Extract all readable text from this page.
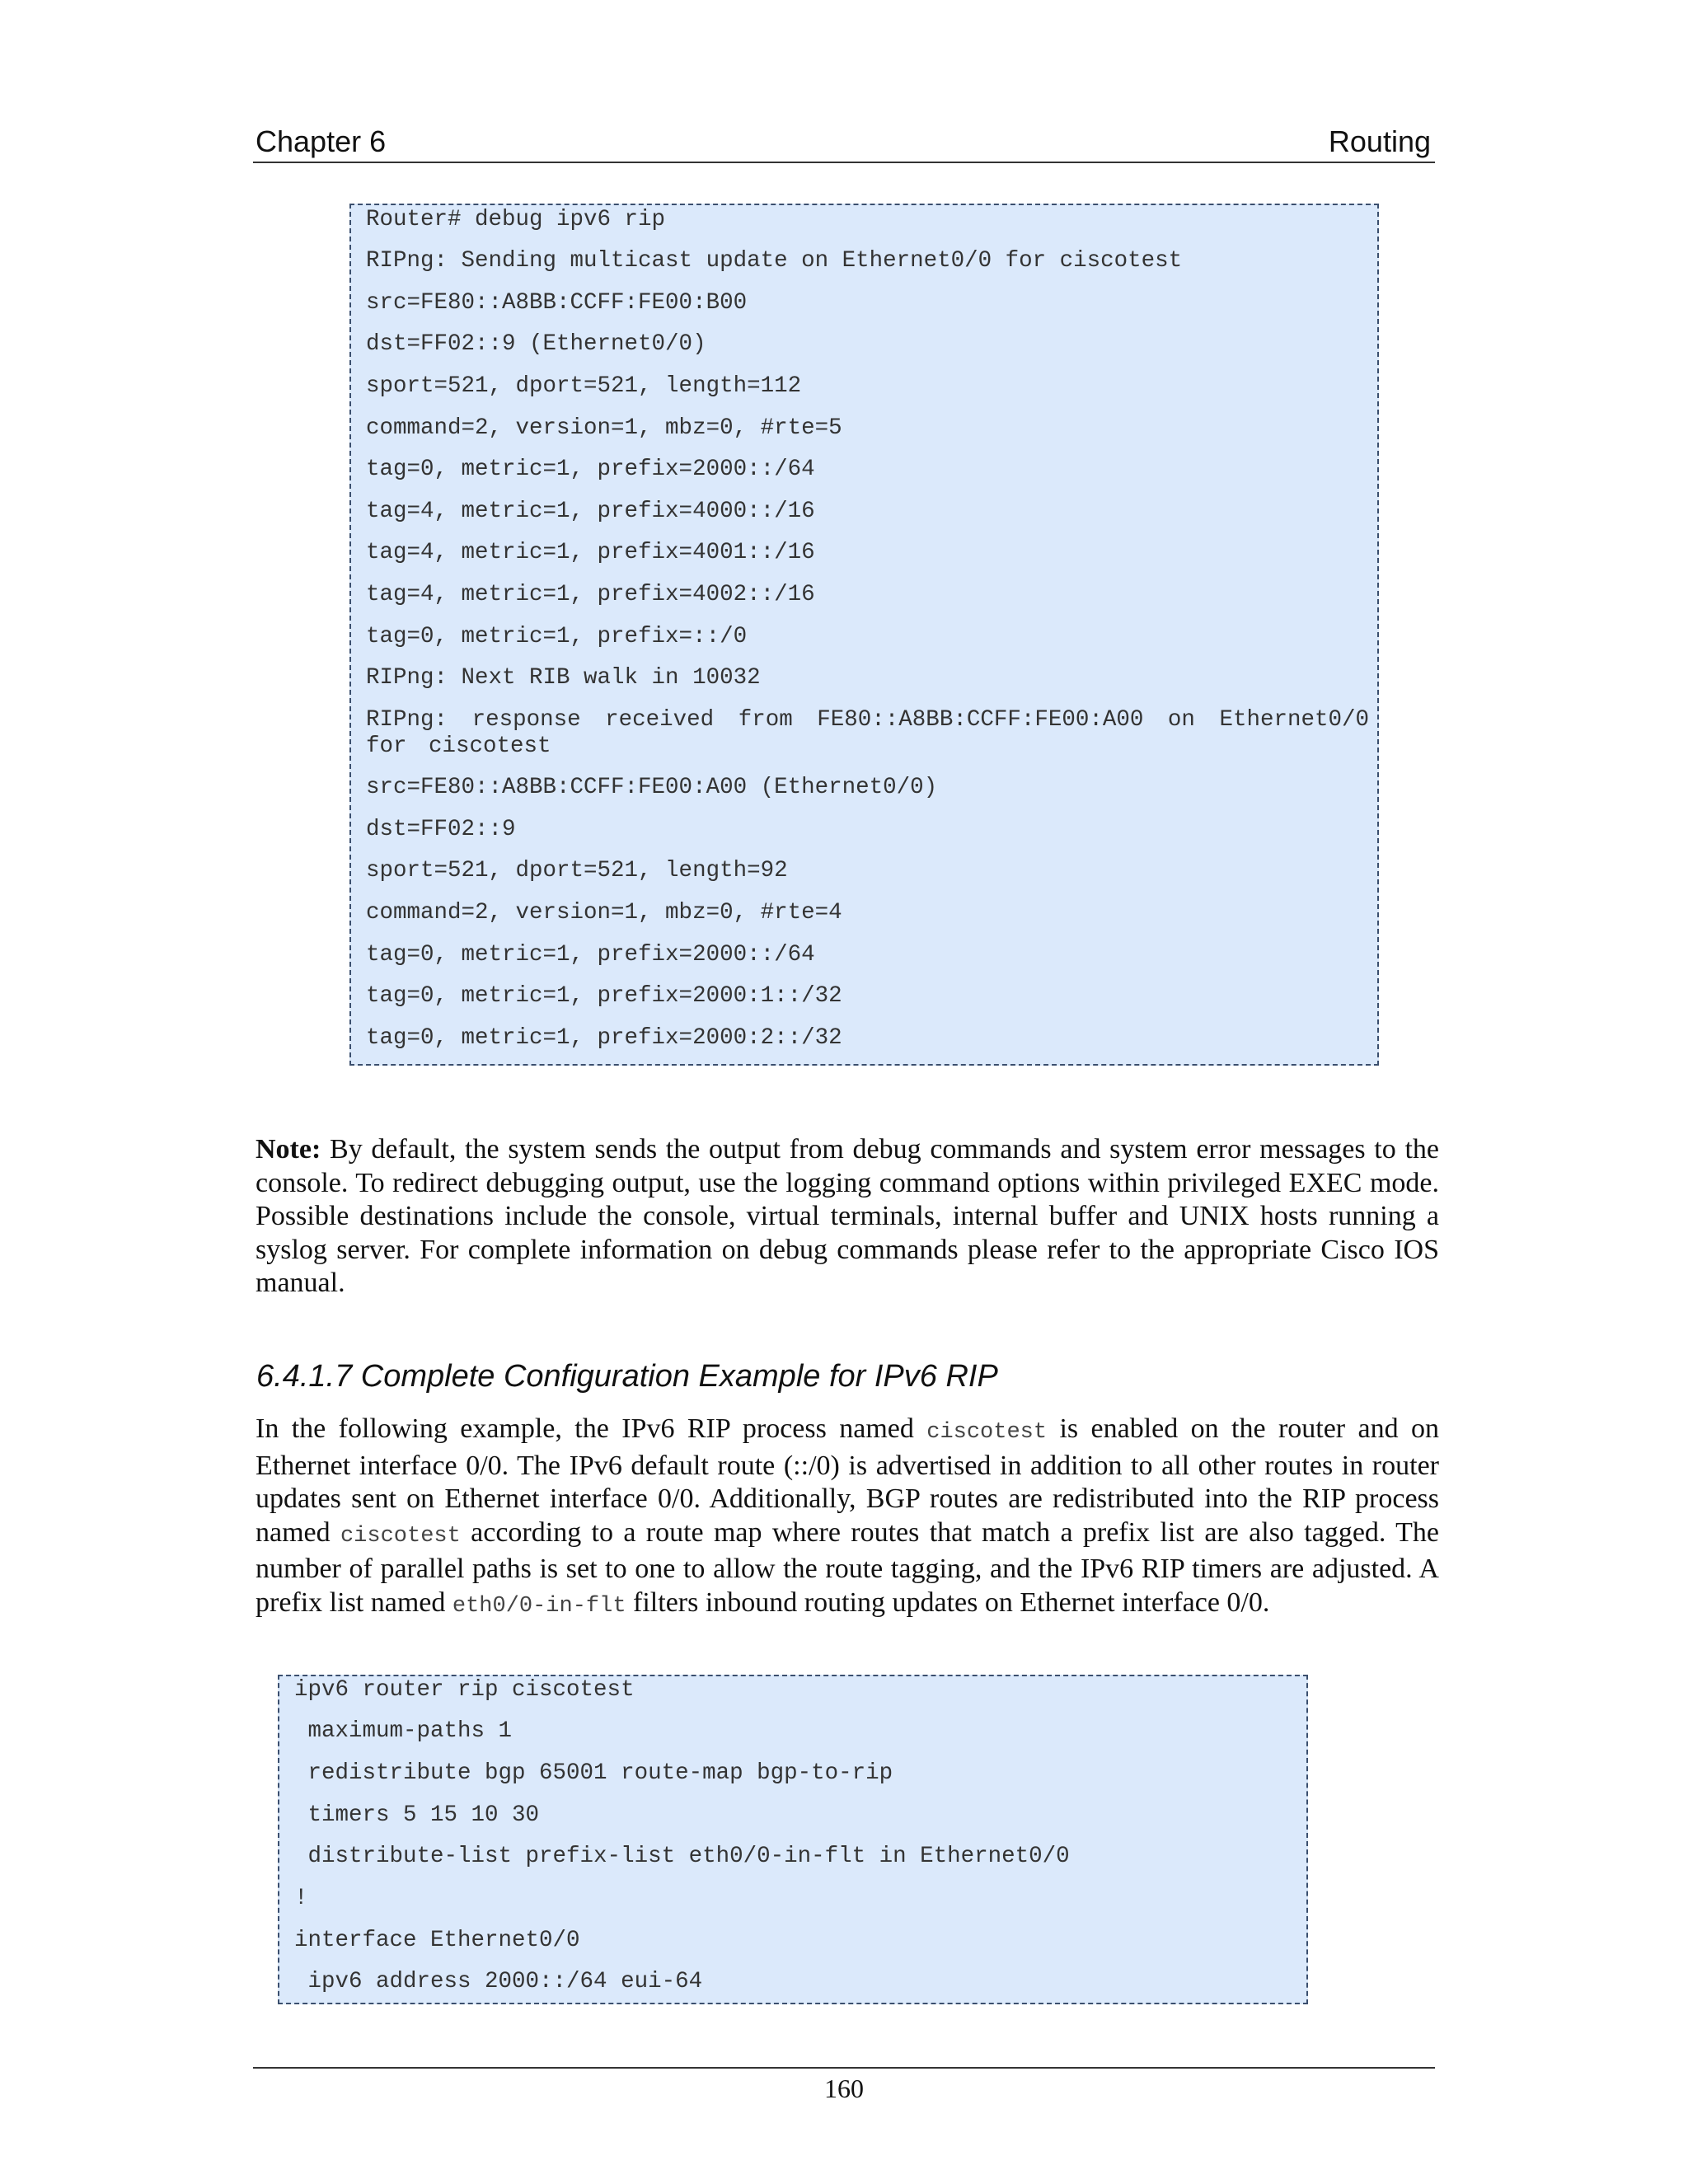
Chapter 6	Routing
Router# debug ipv6 rip
RIPng: Sending multicast update on Ethernet0/0 for ciscotest
src=FE80::A8BB:CCFF:FE00:B00
dst=FF02::9 (Ethernet0/0)
sport=521, dport=521, length=112
command=2, version=1, mbz=0, #rte=5
tag=0, metric=1, prefix=2000::/64
tag=4, metric=1, prefix=4000::/16
tag=4, metric=1, prefix=4001::/16
tag=4, metric=1, prefix=4002::/16
tag=0, metric=1, prefix=::/0
RIPng: Next RIB walk in 10032
RIPng: response received from FE80::A8BB:CCFF:FE00:A00 on Ethernet0/0 for ciscotest
src=FE80::A8BB:CCFF:FE00:A00 (Ethernet0/0)
dst=FF02::9
sport=521, dport=521, length=92
command=2, version=1, mbz=0, #rte=4
tag=0, metric=1, prefix=2000::/64
tag=0, metric=1, prefix=2000:1::/32
tag=0, metric=1, prefix=2000:2::/32
Note: By default, the system sends the output from debug commands and system error messages to the console. To redirect debugging output, use the logging command options within privileged EXEC mode. Possible destinations include the console, virtual terminals, internal buffer and UNIX hosts running a syslog server. For complete information on debug commands please refer to the appropriate Cisco IOS manual.
6.4.1.7 Complete Configuration Example for IPv6 RIP
In the following example, the IPv6 RIP process named ciscotest is enabled on the router and on Ethernet interface 0/0. The IPv6 default route (::/0) is advertised in addition to all other routes in router updates sent on Ethernet interface 0/0. Additionally, BGP routes are redistributed into the RIP process named ciscotest according to a route map where routes that match a prefix list are also tagged. The number of parallel paths is set to one to allow the route tagging, and the IPv6 RIP timers are adjusted. A prefix list named eth0/0-in-flt filters inbound routing updates on Ethernet interface 0/0.
ipv6 router rip ciscotest
maximum-paths 1
redistribute bgp 65001 route-map bgp-to-rip
timers 5 15 10 30
distribute-list prefix-list eth0/0-in-flt in Ethernet0/0
!
interface Ethernet0/0
ipv6 address 2000::/64 eui-64
160
